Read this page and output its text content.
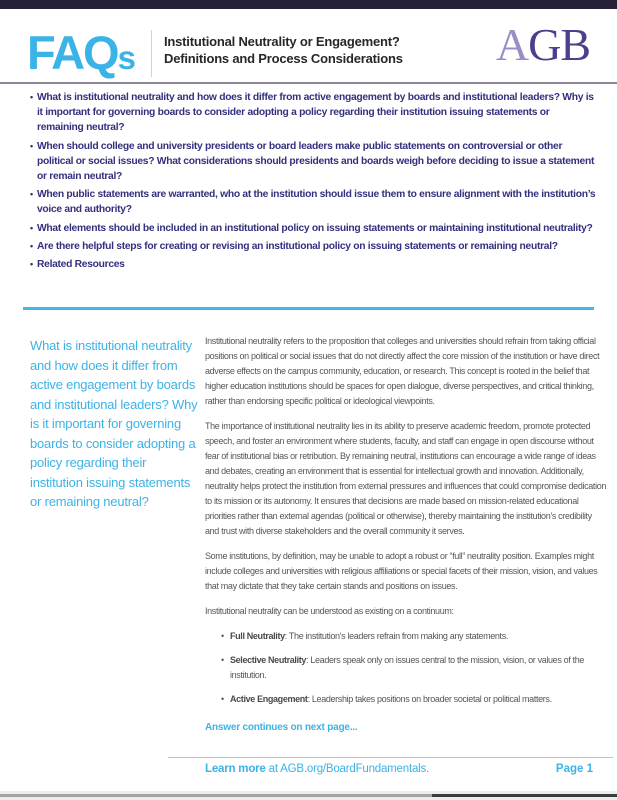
FAQs Institutional Neutrality or Engagement?
Definitions and Process Considerations	AGB
• What is institutional neutrality and how does it differ from active engagement by boards and institutional leaders? Why is it important for governing boards to consider adopting a policy regarding their institution issuing statements or remaining neutral?
• When should college and university presidents or board leaders make public statements on controversial or other political or social issues? What considerations should presidents and boards weigh before deciding to issue a statement or remain neutral?
• When public statements are warranted, who at the institution should issue them to ensure alignment with the institution’s voice and authority?
• What elements should be included in an institutional policy on issuing statements or maintaining institutional neutrality?
• Are there helpful steps for creating or revising an institutional policy on issuing statements or remaining neutral?
• Related Resources
What is institutional neutrality and how does it differ from active engagement by boards and institutional leaders? Why is it important for governing boards to consider adopting a policy regarding their institution issuing statements or remaining neutral?

Institutional neutrality refers to the proposition that colleges and universities should refrain from taking official positions on political or social issues that do not directly affect the core mission of the institution or have direct adverse effects on the campus community, education, or research. This concept is rooted in the belief that higher education institutions should be spaces for open dialogue, diverse perspectives, and critical thinking, rather than endorsing specific political or ideological viewpoints.

The importance of institutional neutrality lies in its ability to preserve academic freedom, promote protected speech, and foster an environment where students, faculty, and staff can engage in open discourse without fear of institutional bias or retribution. By remaining neutral, institutions can encourage a wide range of ideas and debates, creating an environment that is essential for intellectual growth and innovation. Additionally, neutrality helps protect the institution from external pressures and influences that could compromise dedication to its mission or its autonomy. It ensures that decisions are made based on mission-related educational priorities rather than external agendas (political or otherwise), thereby maintaining the institution’s credibility and trust with diverse stakeholders and the overall community it serves.

Some institutions, by definition, may be unable to adopt a robust or “full” neutrality position. Examples might include colleges and universities with religious affiliations or special facets of their mission, vision, and values that may dictate that they take certain stands and positions on issues.

Institutional neutrality can be understood as existing on a continuum:

• Full Neutrality: The institution’s leaders refrain from making any statements.
• Selective Neutrality: Leaders speak only on issues central to the mission, vision, or values of the institution.
• Active Engagement: Leadership takes positions on broader societal or political matters.
Answer continues on next page...
Learn more at AGB.org/BoardFundamentals.	Page 1
